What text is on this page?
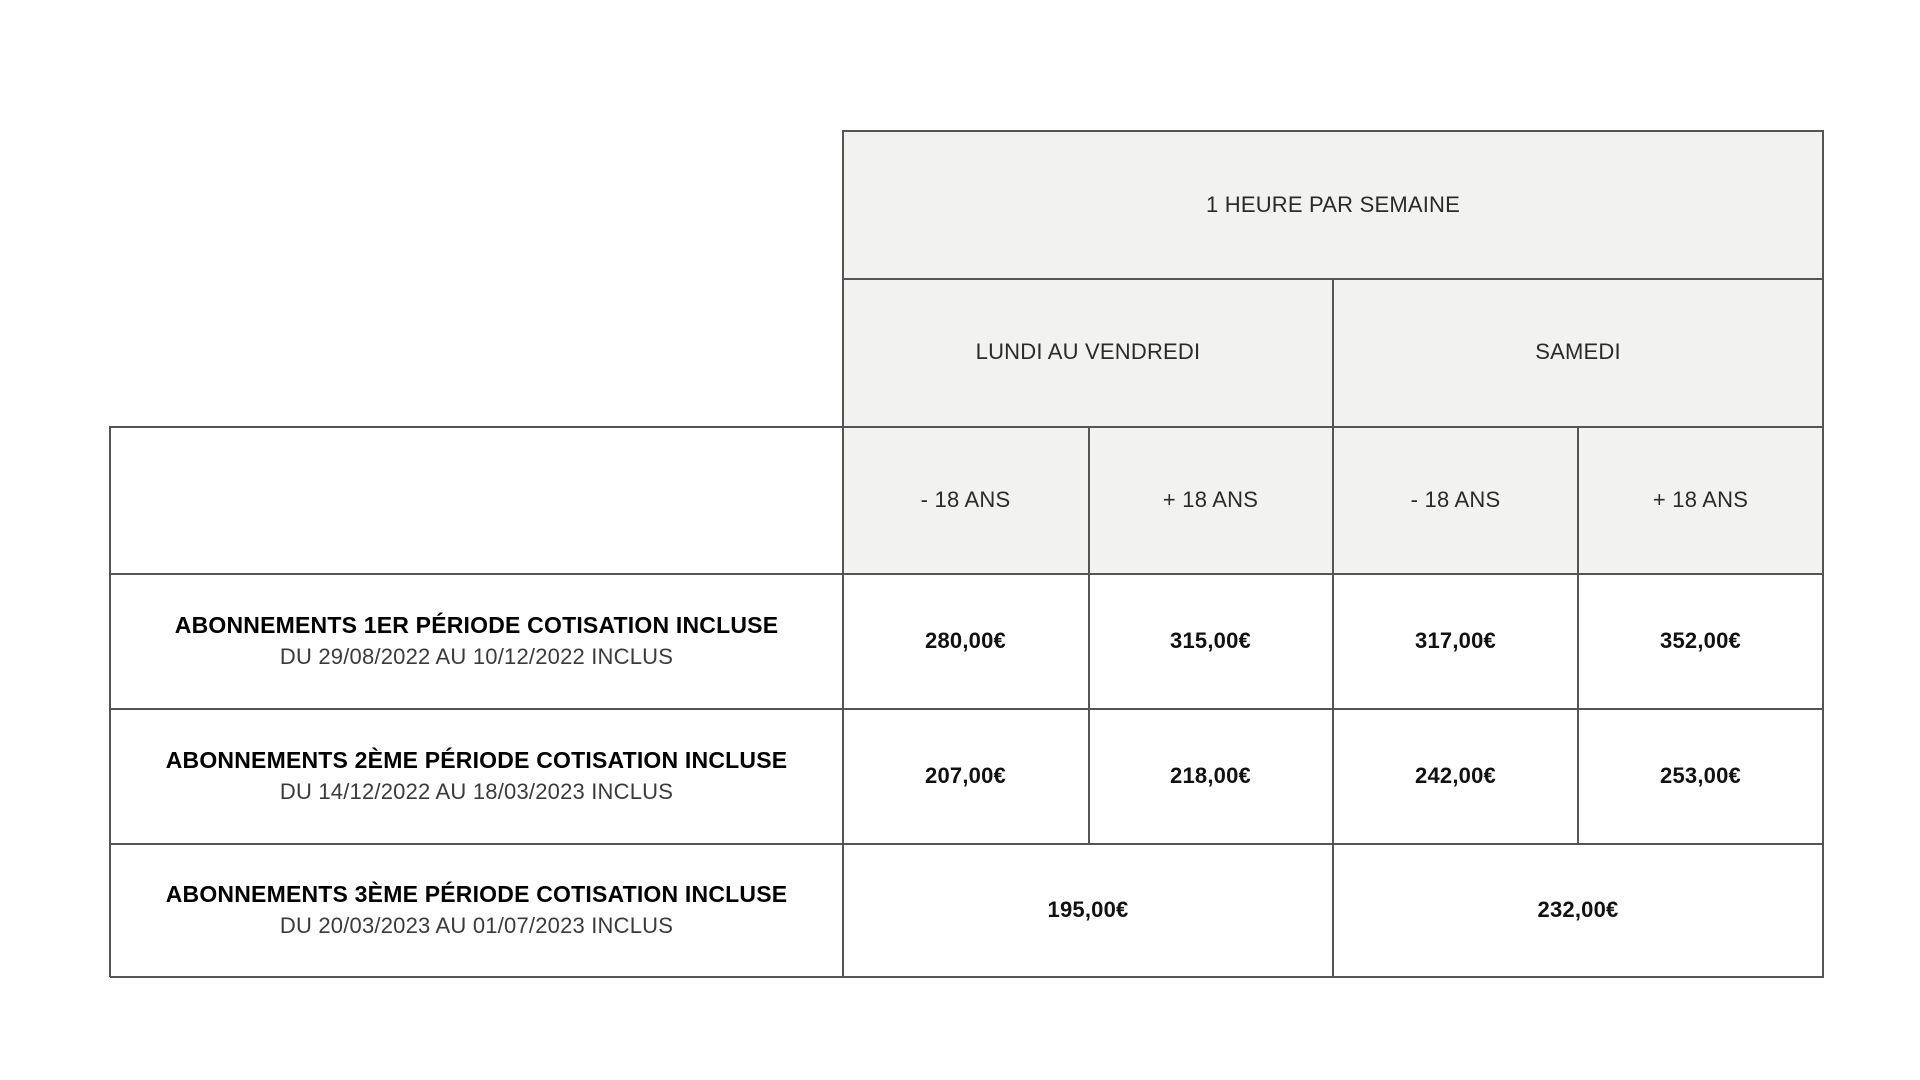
1 HEURE PAR SEMAINE
LUNDI AU VENDREDI	SAMEDI
- 18 ANS	+ 18 ANS	- 18 ANS	+ 18 ANS
ABONNEMENTS 1ER PÉRIODE COTISATION INCLUSE
DU 29/08/2022 AU 10/12/2022 INCLUS
280,00€	315,00€	317,00€	352,00€
ABONNEMENTS 2ÈME PÉRIODE COTISATION INCLUSE
DU 14/12/2022 AU 18/03/2023 INCLUS
207,00€	218,00€	242,00€	253,00€
ABONNEMENTS 3ÈME PÉRIODE COTISATION INCLUSE
DU 20/03/2023 AU 01/07/2023 INCLUS
195,00€	232,00€
